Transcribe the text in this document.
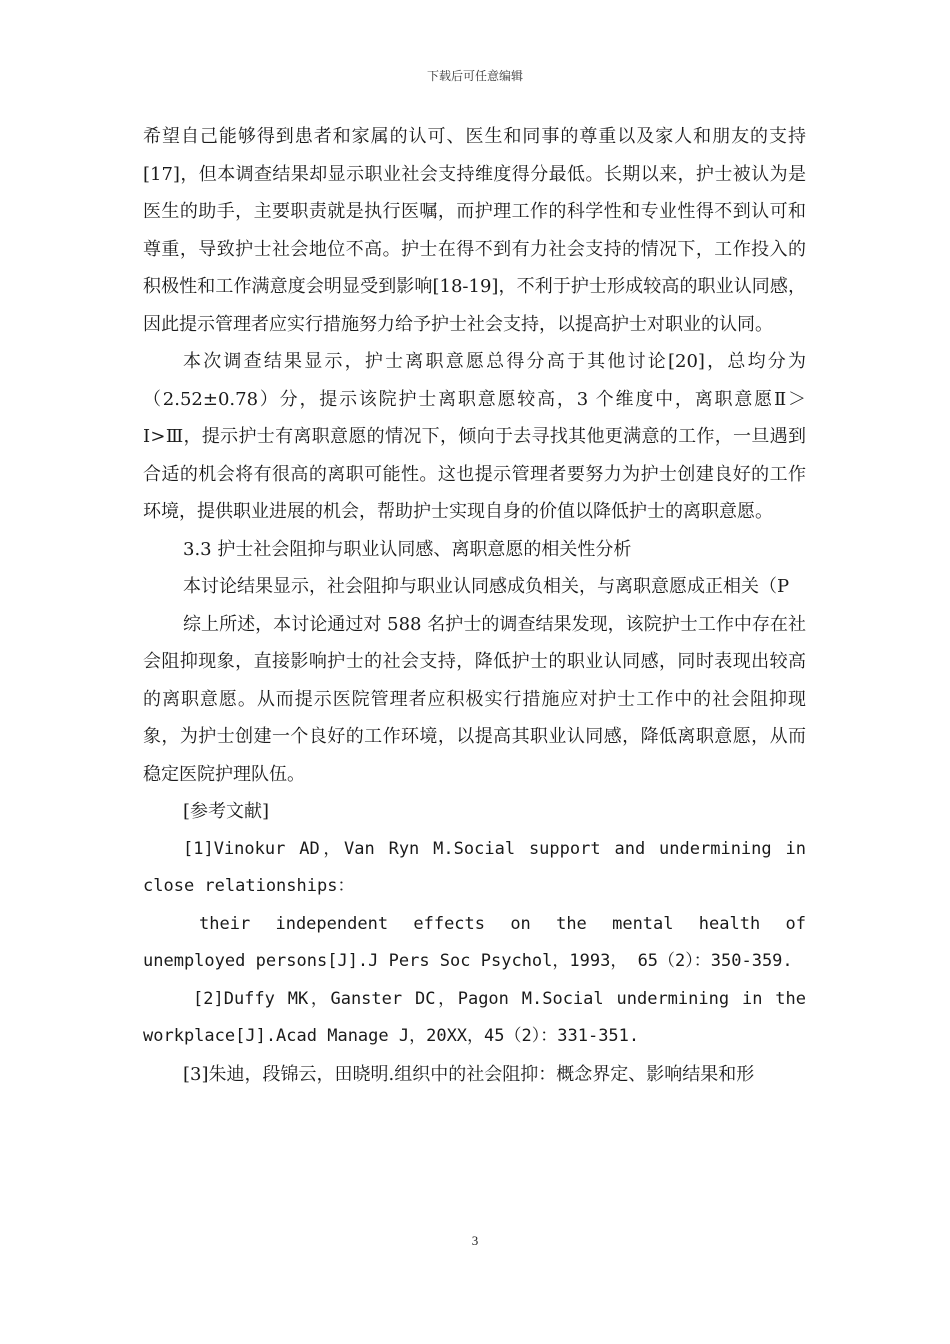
下载后可任意编辑

希望自己能够得到患者和家属的认可、医生和同事的尊重以及家人和朋友的支持[17]，但本调查结果却显示职业社会支持维度得分最低。长期以来，护士被认为是医生的助手，主要职责就是执行医嘱，而护理工作的科学性和专业性得不到认可和尊重，导致护士社会地位不高。护士在得不到有力社会支持的情况下，工作投入的积极性和工作满意度会明显受到影响[18-19]，不利于护士形成较高的职业认同感，因此提示管理者应实行措施努力给予护士社会支持，以提高护士对职业的认同。

本次调查结果显示，护士离职意愿总得分高于其他讨论[20]，总均分为（2.52±0.78）分，提示该院护士离职意愿较高，3 个维度中，离职意愿Ⅱ＞Ⅰ>Ⅲ，提示护士有离职意愿的情况下，倾向于去寻找其他更满意的工作，一旦遇到合适的机会将有很高的离职可能性。这也提示管理者要努力为护士创建良好的工作环境，提供职业进展的机会，帮助护士实现自身的价值以降低护士的离职意愿。

3.3 护士社会阻抑与职业认同感、离职意愿的相关性分析

本讨论结果显示，社会阻抑与职业认同感成负相关，与离职意愿成正相关（P

综上所述，本讨论通过对 588 名护士的调查结果发现，该院护士工作中存在社会阻抑现象，直接影响护士的社会支持，降低护士的职业认同感，同时表现出较高的离职意愿。从而提示医院管理者应积极实行措施应对护士工作中的社会阻抑现象，为护士创建一个良好的工作环境，以提高其职业认同感，降低离职意愿，从而稳定医院护理队伍。

[参考文献]

[1]Vinokur AD，Van Ryn M.Social support and undermining in close relationships：

their independent effects on the mental health of unemployed persons[J].J Pers Soc Psychol，1993， 65（2）：350-359.

[2]Duffy MK，Ganster DC，Pagon M.Social undermining in the workplace[J].Acad Manage J，20XX，45（2）：331-351.

[3]朱迪，段锦云，田晓明.组织中的社会阻抑：概念界定、影响结果和形

3
